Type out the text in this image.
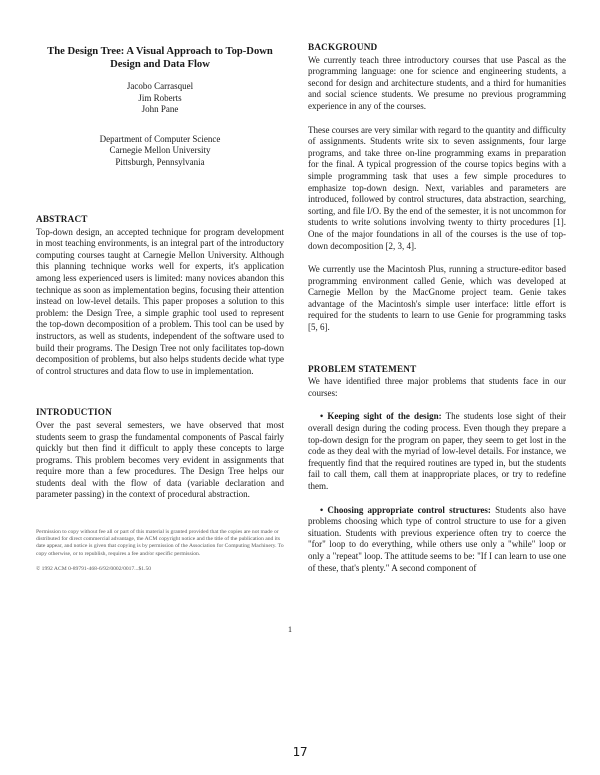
The Design Tree: A Visual Approach to Top-Down Design and Data Flow
Jacobo Carrasquel
Jim Roberts
John Pane
Department of Computer Science
Carnegie Mellon University
Pittsburgh, Pennsylvania
ABSTRACT

Top-down design, an accepted technique for program development in most teaching environments, is an integral part of the introductory computing courses taught at Carnegie Mellon University. Although this planning technique works well for experts, it's application among less experienced users is limited: many novices abandon this technique as soon as implementation begins, focusing their attention instead on low-level details. This paper proposes a solution to this problem: the Design Tree, a simple graphic tool used to represent the top-down decomposition of a problem. This tool can be used by instructors, as well as students, independent of the software used to build their programs. The Design Tree not only facilitates top-down decomposition of problems, but also helps students decide what type of control structures and data flow to use in implementation.

INTRODUCTION

Over the past several semesters, we have observed that most students seem to grasp the fundamental components of Pascal fairly quickly but then find it difficult to apply these concepts to large programs. This problem becomes very evident in assignments that require more than a few procedures. The Design Tree helps our students deal with the flow of data (variable declaration and parameter passing) in the context of procedural abstraction.

Permission to copy without fee all or part of this material is granted provided that the copies are not made or distributed for direct commercial advantage, the ACM copyright notice and the title of the publication and its date appear, and notice is given that copying is by permission of the Association for Computing Machinery. To copy otherwise, or to republish, requires a fee and/or specific permission.
© 1992 ACM 0-89791-468-6/92/0002/0017...$1.50
BACKGROUND

We currently teach three introductory courses that use Pascal as the programming language: one for science and engineering students, a second for design and architecture students, and a third for humanities and social science students. We presume no previous programming experience in any of the courses.

These courses are very similar with regard to the quantity and difficulty of assignments. Students write six to seven assignments, four large programs, and take three on-line programming exams in preparation for the final. A typical progression of the course topics begins with a simple programming task that uses a few simple procedures to emphasize top-down design. Next, variables and parameters are introduced, followed by control structures, data abstraction, searching, sorting, and file I/O. By the end of the semester, it is not uncommon for students to write solutions involving twenty to thirty procedures [1]. One of the major foundations in all of the courses is the use of top-down decomposition [2, 3, 4].

We currently use the Macintosh Plus, running a structure-editor based programming environment called Genie, which was developed at Carnegie Mellon by the MacGnome project team. Genie takes advantage of the Macintosh's simple user interface: little effort is required for the students to learn to use Genie for programming tasks [5, 6].

PROBLEM STATEMENT

We have identified three major problems that students face in our courses:

• Keeping sight of the design: The students lose sight of their overall design during the coding process. Even though they prepare a top-down design for the program on paper, they seem to get lost in the code as they deal with the myriad of low-level details. For instance, we frequently find that the required routines are typed in, but the students fail to call them, call them at inappropriate places, or try to redefine them.

• Choosing appropriate control structures: Students also have problems choosing which type of control structure to use for a given situation. Students with previous experience often try to coerce the "for" loop to do everything, while others use only a "while" loop or only a "repeat" loop. The attitude seems to be: "If I can learn to use one of these, that's plenty." A second component of

1
17
